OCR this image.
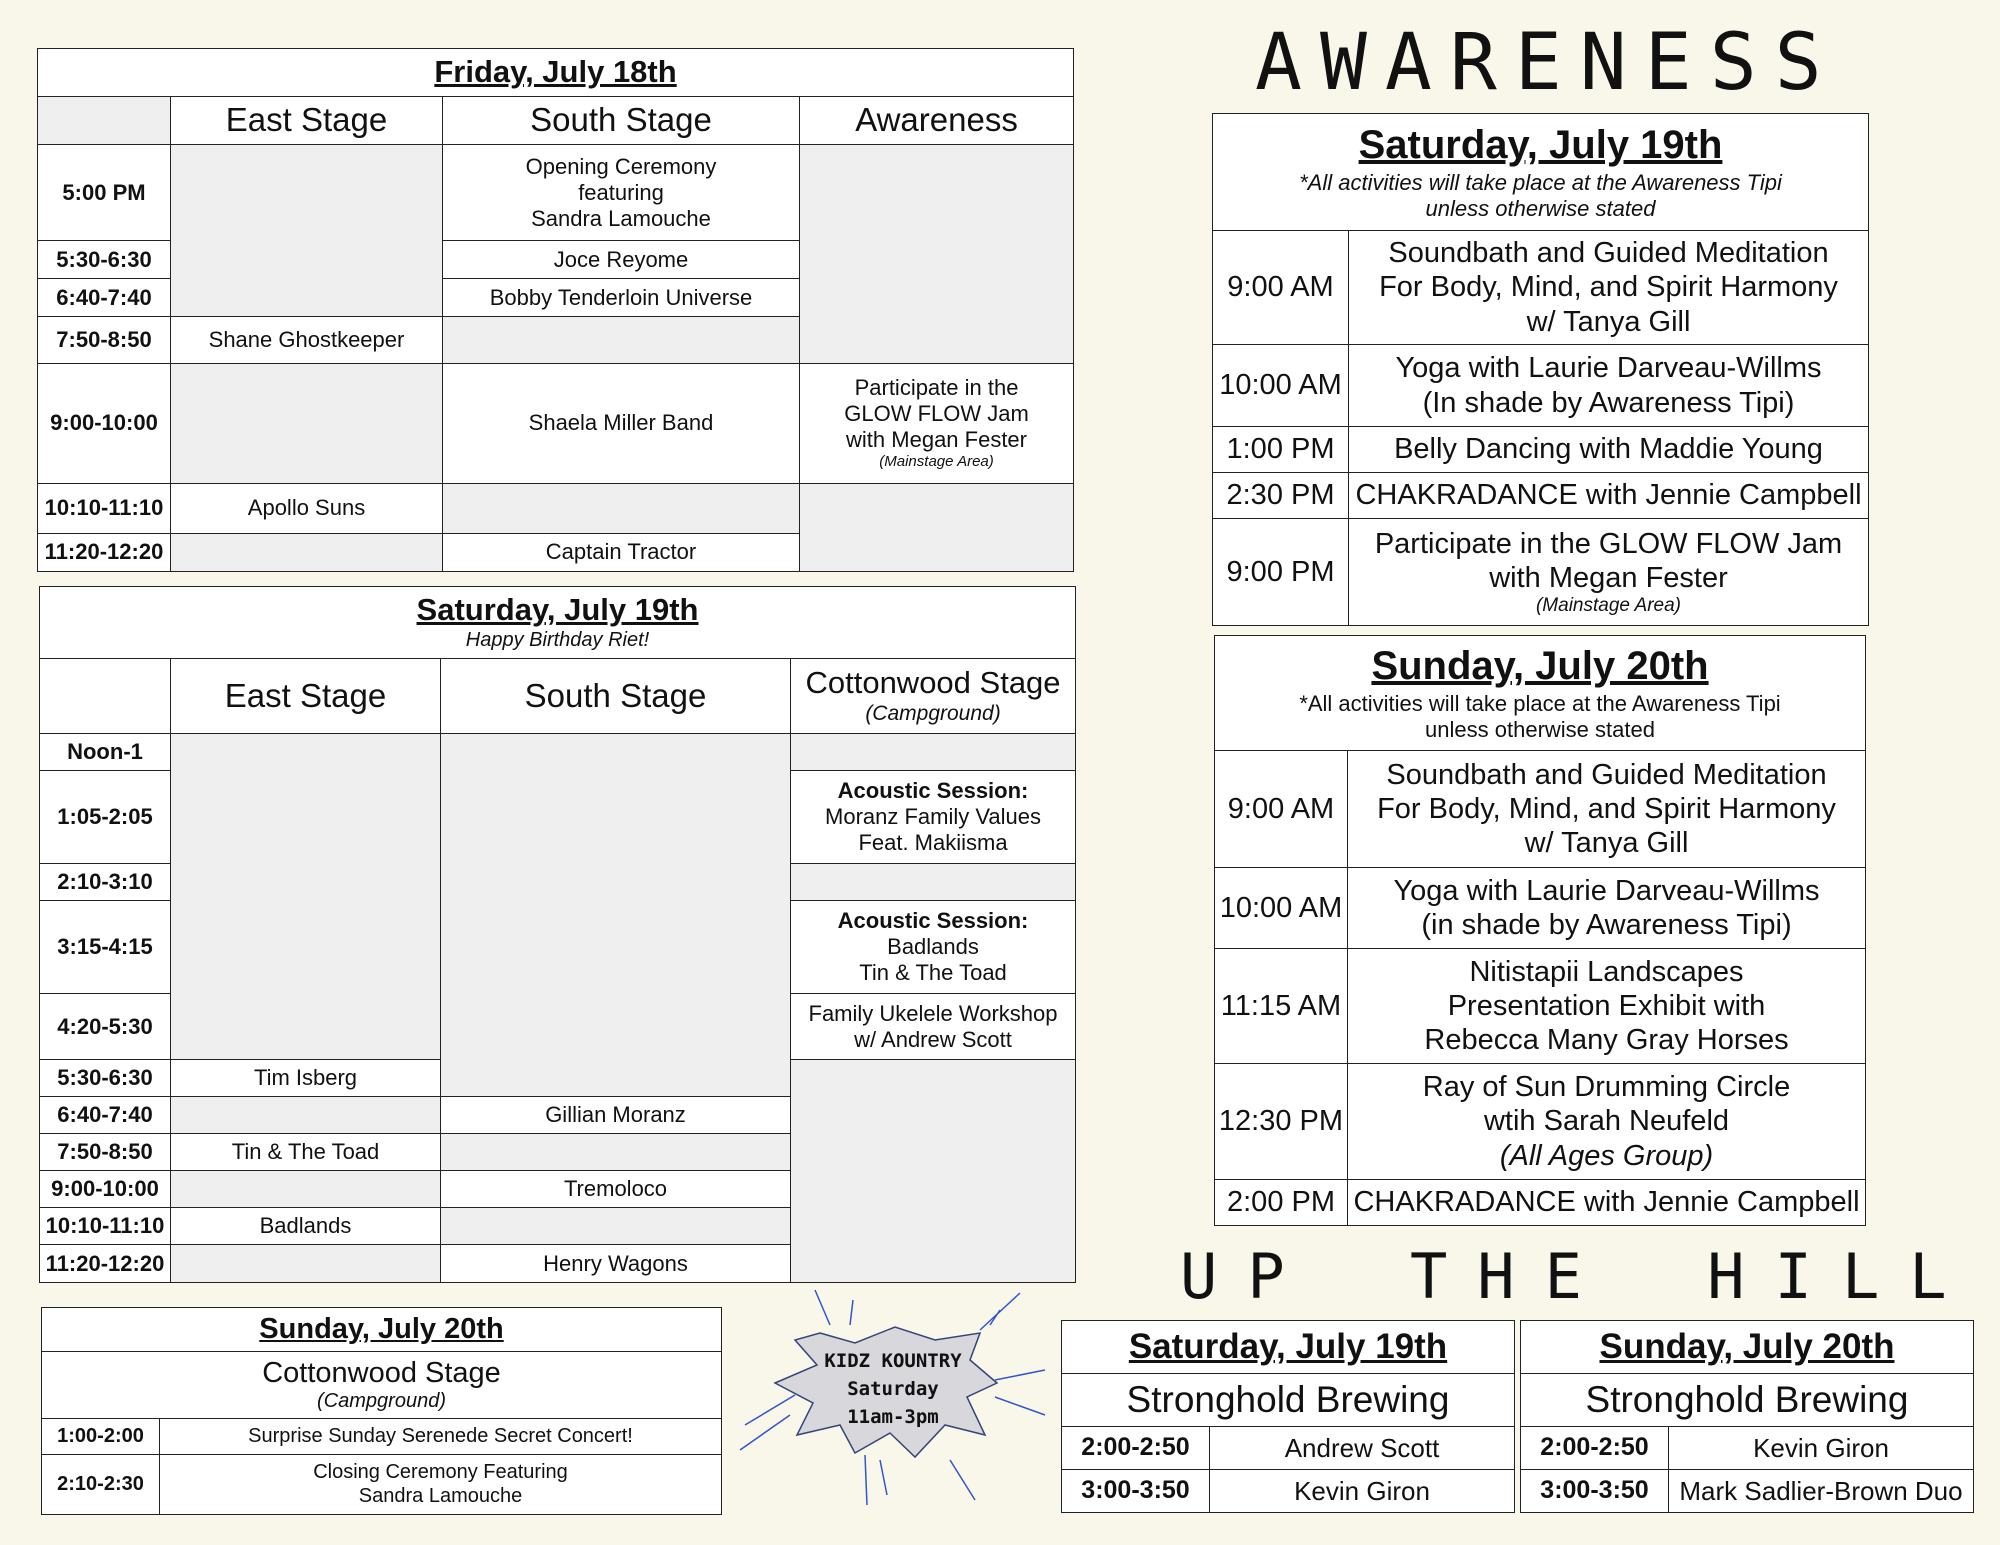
Friday, July 18th			
	East Stage	South Stage	Awareness
5:00 PM		Opening Ceremony
featuring
Sandra Lamouche	

5:30-6:30		Joce Reyome	
6:40-7:40		Bobby Tenderloin Universe	
7:50-8:50	Shane Ghostkeeper		
9:00-10:00		Shaela Miller Band	Participate in the
GLOW FLOW Jam
with Megan Fester
(Mainstage Area)

10:10-11:10	Apollo Suns		
11:20-12:20		Captain Tractor	
Saturday, July 19th
Happy Birthday Riet!			

	East Stage	South Stage	Cottonwood Stage
(Campground)

Noon-1			
1:05-2:05			Acoustic Session:
Moranz Family Values
Feat. Makiisma

2:10-3:10			
3:15-4:15			Acoustic Session:
Badlands
Tin & The Toad

4:20-5:30			Family Ukelele Workshop
w/ Andrew Scott

5:30-6:30	Tim Isberg		
6:40-7:40		Gillian Moranz	
7:50-8:50	Tin & The Toad		
9:00-10:00		Tremoloco	
10:10-11:10	Badlands		
11:20-12:20		Henry Wagons	
Sunday, July 20th	

Cottonwood Stage
(Campground)	

1:00-2:00	Surprise Sunday Serenede Secret Concert!
2:10-2:30	Closing Ceremony Featuring
Sandra Lamouche
KIDZ KOUNTRY
Saturday
11am-3pm
AWARENESS
Saturday, July 19th
*All activities will take place at the Awareness Tipi
unless otherwise stated	

9:00 AM	Soundbath and Guided Meditation
For Body, Mind, and Spirit Harmony
w/ Tanya Gill

10:00 AM	Yoga with Laurie Darveau-Willms
(In shade by Awareness Tipi)

1:00 PM	Belly Dancing with Maddie Young
2:30 PM	CHAKRADANCE with Jennie Campbell
9:00 PM	Participate in the GLOW FLOW Jam
with Megan Fester
(Mainstage Area)
Sunday, July 20th
*All activities will take place at the Awareness Tipi
unless otherwise stated	

9:00 AM	Soundbath and Guided Meditation
For Body, Mind, and Spirit Harmony
w/ Tanya Gill

10:00 AM	Yoga with Laurie Darveau-Willms
(in shade by Awareness Tipi)

11:15 AM	Nitistapii Landscapes
Presentation Exhibit with
Rebecca Many Gray Horses

12:30 PM	Ray of Sun Drumming Circle
wtih Sarah Neufeld
(All Ages Group)

2:00 PM	CHAKRADANCE with Jennie Campbell
UP THE HILL
Saturday, July 19th	
Stronghold Brewing	
2:00-2:50	Andrew Scott
3:00-3:50	Kevin Giron
Sunday, July 20th	
Stronghold Brewing	
2:00-2:50	Kevin Giron
3:00-3:50	Mark Sadlier-Brown Duo
